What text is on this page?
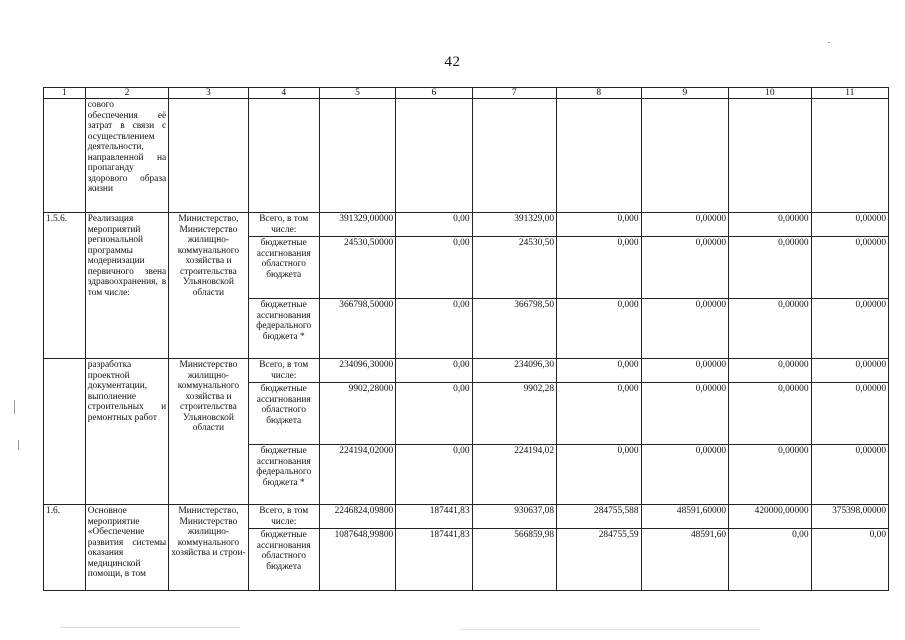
42
1	2	3	4	5	6	7	8	9	10	11
	сового обеспечения её затрат в связи с осуществлением деятельности, направленной на пропаганду здорового образа жизни									
1.5.6.	Реализация мероприятий региональной программы модернизации первичного звена здравоохранения, в том числе:	Министерство, Министерство жилищно-коммунального хозяйства и строительства Ульяновской области	Всего, в том числе:	391329,00000	0,00	391329,00	0,000	0,00000	0,00000	0,00000
			бюджетные ассигнования областного бюджета	24530,50000	0,00	24530,50	0,000	0,00000	0,00000	0,00000
			бюджетные ассигнования федерального бюджета *	366798,50000	0,00	366798,50	0,000	0,00000	0,00000	0,00000
	разработка проектной документации, выполнение строительных и ремонтных работ	Министерство жилищно-коммунального хозяйства и строительства Ульяновской области	Всего, в том числе:	234096,30000	0,00	234096,30	0,000	0,00000	0,00000	0,00000
			бюджетные ассигнования областного бюджета	9902,28000	0,00	9902,28	0,000	0,00000	0,00000	0,00000
			бюджетные ассигнования федерального бюджета *	224194,02000	0,00	224194,02	0,000	0,00000	0,00000	0,00000
1.6.	Основное мероприятие «Обеспечение развития системы оказания медицинской помощи, в том	Министерство, Министерство жилищно-коммунального хозяйства и строи-	Всего, в том числе:	2246824,09800	187441,83	930637,08	284755,588	48591,60000	420000,00000	375398,00000
			бюджетные ассигнования областного бюджета	1087648,99800	187441,83	566859,98	284755,59	48591,60	0,00	0,00
